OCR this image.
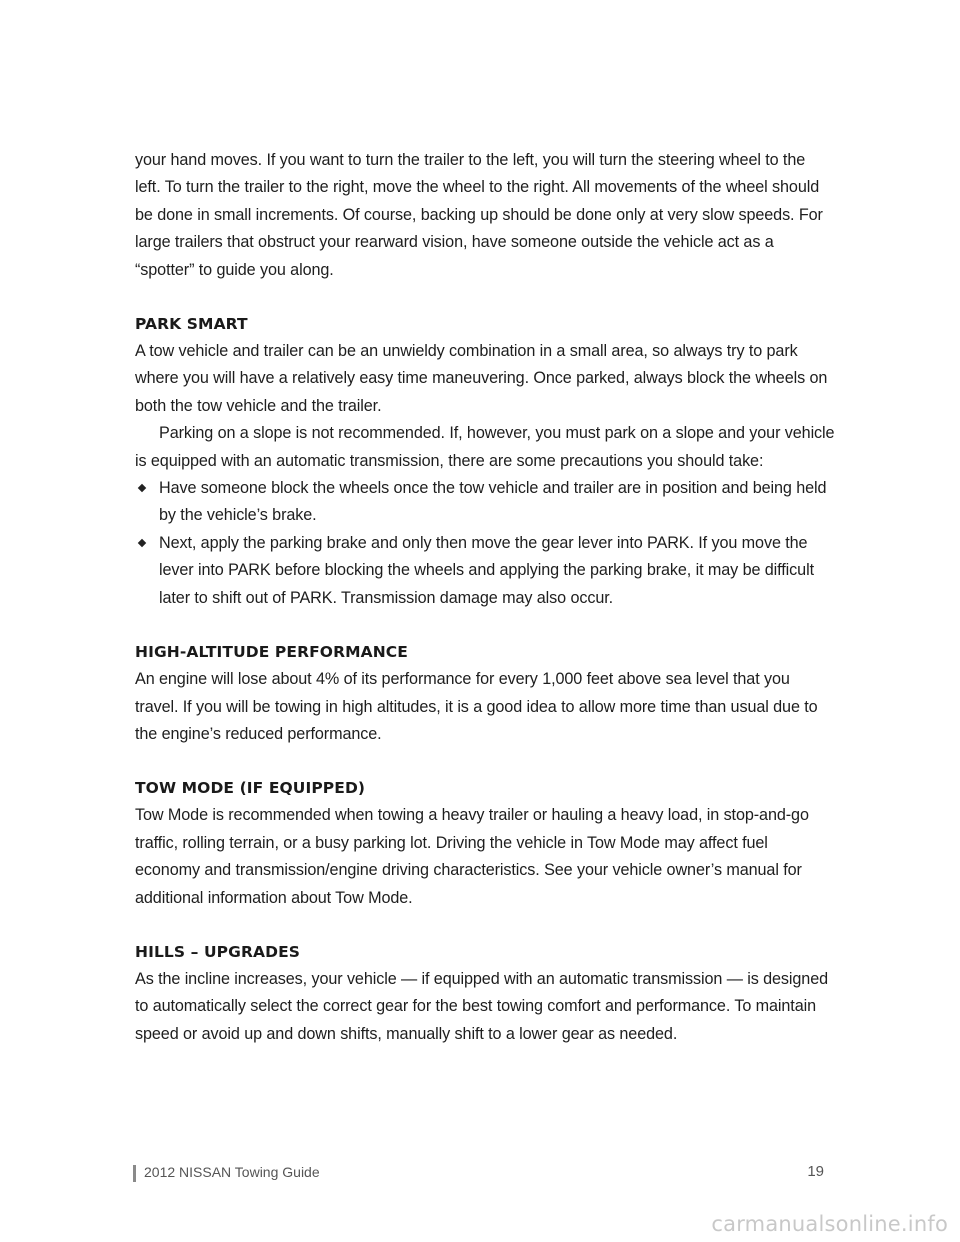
your hand moves. If you want to turn the trailer to the left, you will turn the steering wheel to the left. To turn the trailer to the right, move the wheel to the right. All movements of the wheel should be done in small increments. Of course, backing up should be done only at very slow speeds. For large trailers that obstruct your rearward vision, have someone outside the vehicle act as a “spotter” to guide you along.

PARK SMART

A tow vehicle and trailer can be an unwieldy combination in a small area, so always try to park where you will have a relatively easy time maneuvering. Once parked, always block the wheels on both the tow vehicle and the trailer.

Parking on a slope is not recommended. If, however, you must park on a slope and your vehicle is equipped with an automatic transmission, there are some precautions you should take:

Have someone block the wheels once the tow vehicle and trailer are in position and being held by the vehicle’s brake.
Next, apply the parking brake and only then move the gear lever into PARK. If you move the lever into PARK before blocking the wheels and applying the parking brake, it may be difficult later to shift out of PARK. Transmission damage may also occur.
HIGH-ALTITUDE PERFORMANCE

An engine will lose about 4% of its performance for every 1,000 feet above sea level that you travel. If you will be towing in high altitudes, it is a good idea to allow more time than usual due to the engine’s reduced performance.

TOW MODE (IF EQUIPPED)

Tow Mode is recommended when towing a heavy trailer or hauling a heavy load, in stop-and-go traffic, rolling terrain, or a busy parking lot. Driving the vehicle in Tow Mode may affect fuel economy and transmission/engine driving characteristics. See your vehicle owner’s manual for additional information about Tow Mode.

HILLS – UPGRADES

As the incline increases, your vehicle — if equipped with an automatic transmission — is designed to automatically select the correct gear for the best towing comfort and performance. To maintain speed or avoid up and down shifts, manually shift to a lower gear as needed.

2012 NISSAN Towing Guide	19
carmanualsonline.info
